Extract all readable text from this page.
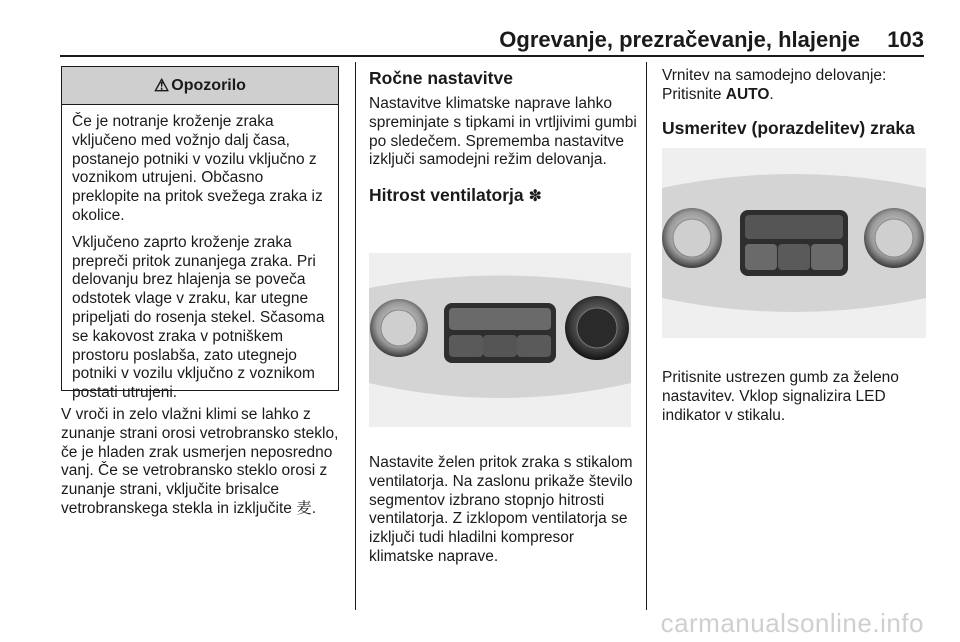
Ogrevanje, prezračevanje, hlajenje 103
⚠ Opozorilo

Če je notranje kroženje zraka vključeno med vožnjo dalj časa, postanejo potniki v vozilu vključno z voznikom utrujeni. Občasno preklopite na pritok svežega zraka iz okolice.

Vključeno zaprto kroženje zraka prepreči pritok zunanjega zraka. Pri delovanju brez hlajenja se poveča odstotek vlage v zraku, kar utegne pripeljati do rosenja stekel. Sčasoma se kakovost zraka v potniškem prostoru poslabša, zato utegnejo potniki v vozilu vključno z voznikom postati utrujeni.

V vroči in zelo vlažni klimi se lahko z zunanje strani orosi vetrobransko steklo, če je hladen zrak usmerjen neposredno vanj. Če se vetrobransko steklo orosi z zunanje strani, vključite brisalce vetrobranskega stekla in izključite ⻨.

Ročne nastavitve

Nastavitve klimatske naprave lahko spreminjate s tipkami in vrtljivimi gumbi po sledečem. Sprememba nastavitve izključi samodejni režim delovanja.

Hitrost ventilatorja ✽

Nastavite želen pritok zraka s stikalom ventilatorja. Na zaslonu prikaže število segmentov izbrano stopnjo hitrosti ventilatorja. Z izklopom ventilatorja se izključi tudi hladilni kompresor klimatske naprave.

Vrnitev na samodejno delovanje: Pritisnite AUTO.

Usmeritev (porazdelitev) zraka

Pritisnite ustrezen gumb za želeno nastavitev. Vklop signalizira LED indikator v stikalu.

carmanualsonline.info
